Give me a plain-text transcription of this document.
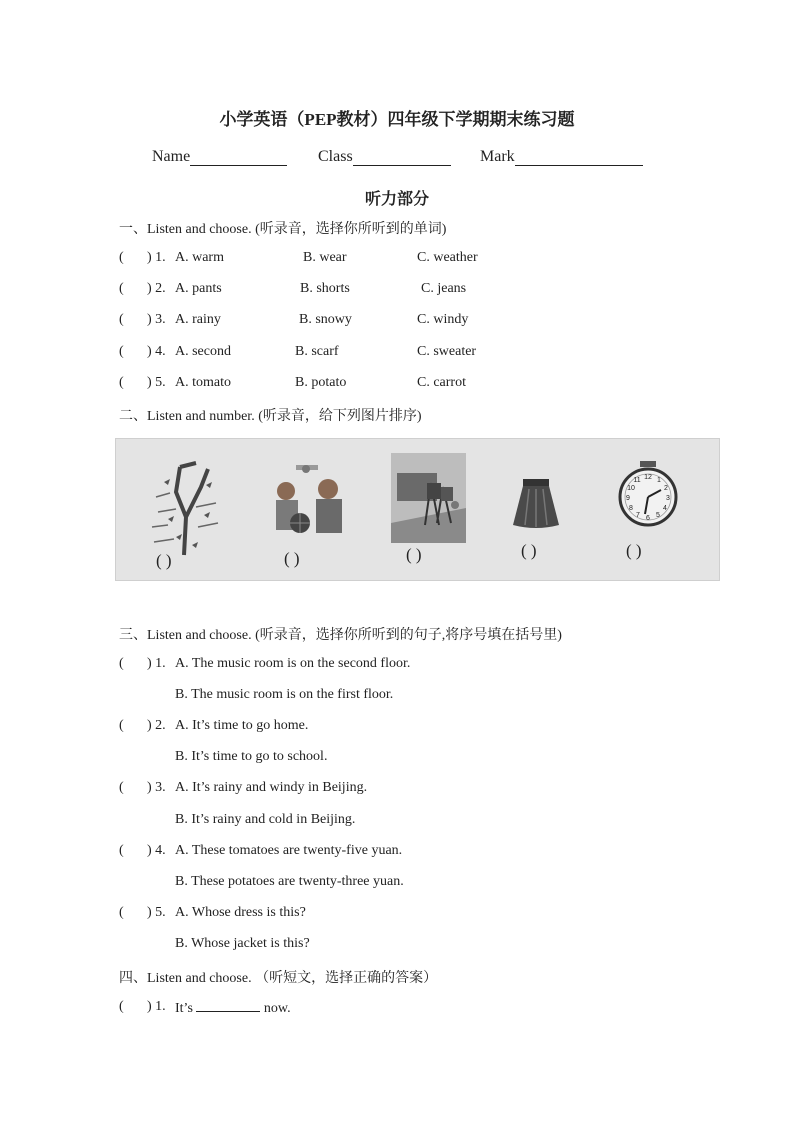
小学英语（PEP教材）四年级下学期期末练习题
Name	Class	Mark
听力部分
一、Listen and choose. (听录音，选择你所听到的单词)
(	) 1. A. warm	B. wear	C. weather
(	) 2. A. pants	B. shorts	C. jeans
(	) 3. A. rainy	B. snowy	C. windy
(	) 4. A. second	B. scarf	C. sweater
(	) 5. A. tomato	B. potato	C. carrot
二、Listen and number. (听录音，给下列图片排序)
12 1
2
3
4
5
6
7
8
9
10
11
( )	( )	( )	( )	( )
三、Listen and choose. (听录音，选择你所听到的句子,将序号填在括号里)
( ) 1. A. The music room is on the second floor.
B. The music room is on the first floor.
( ) 2. A. It’s time to go home.
B. It’s time to go to school.
( ) 3. A. It’s rainy and windy in Beijing.
B. It’s rainy and cold in Beijing.
( ) 4. A. These tomatoes are twenty-five yuan.
B. These potatoes are twenty-three yuan.
( ) 5. A. Whose dress is this?
B. Whose jacket is this?
四、Listen and choose. （听短文，选择正确的答案）
( ) 1. It’s	now.
